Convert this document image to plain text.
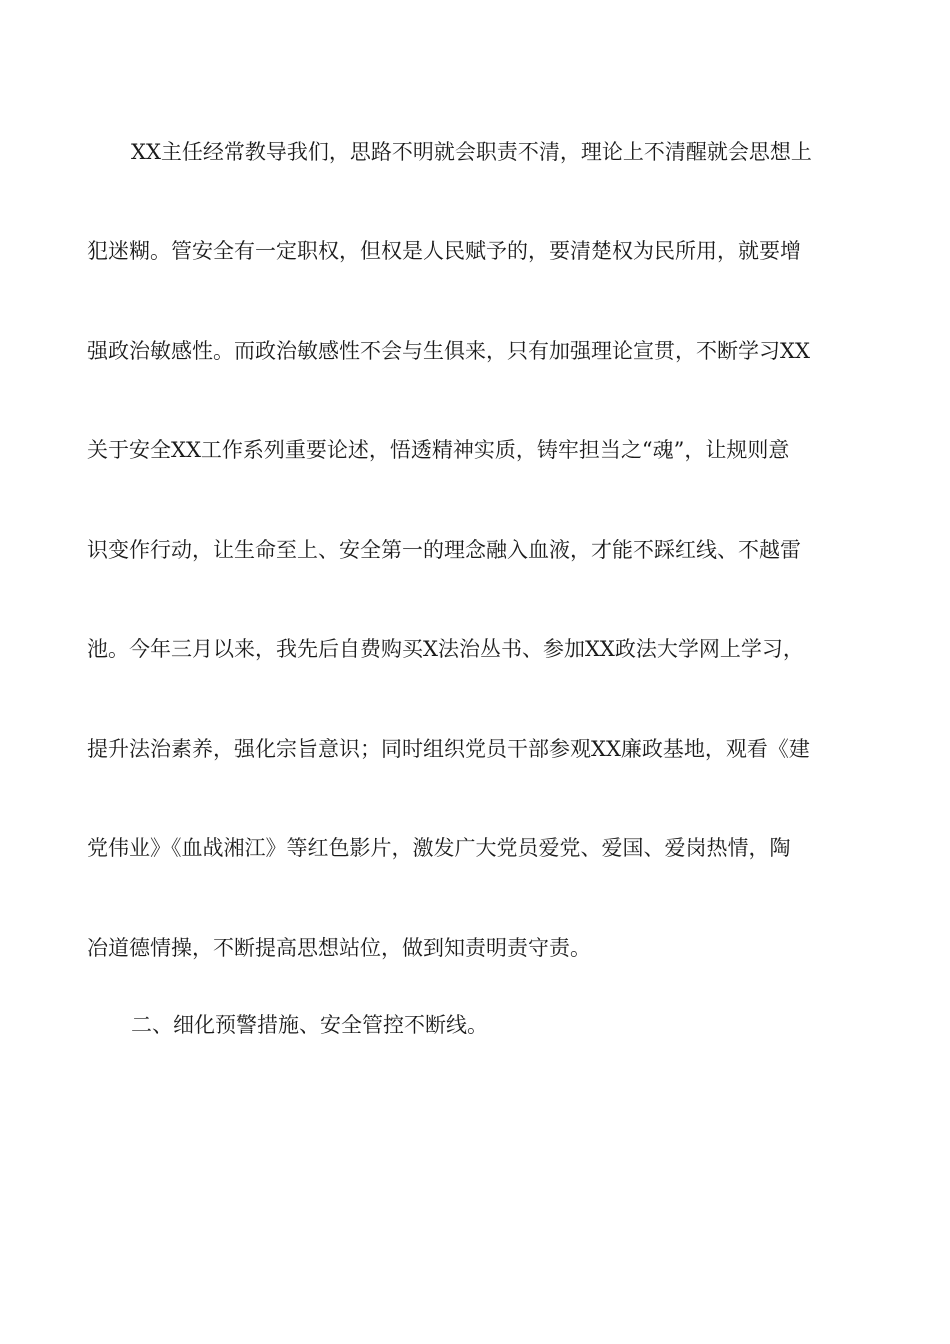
XX主任经常教导我们，思路不明就会职责不清，理论上不清醒就会思想上
犯迷糊。管安全有一定职权，但权是人民赋予的，要清楚权为民所用，就要增
强政治敏感性。而政治敏感性不会与生俱来，只有加强理论宣贯，不断学习XX
关于安全XX工作系列重要论述，悟透精神实质，铸牢担当之“魂”，让规则意
识变作行动，让生命至上、安全第一的理念融入血液，才能不踩红线、不越雷
池。今年三月以来，我先后自费购买X法治丛书、参加XX政法大学网上学习，
提升法治素养，强化宗旨意识；同时组织党员干部参观XX廉政基地，观看《建
党伟业》《血战湘江》等红色影片，激发广大党员爱党、爱国、爱岗热情，陶
冶道德情操，不断提高思想站位，做到知责明责守责。
二、细化预警措施、安全管控不断线。
